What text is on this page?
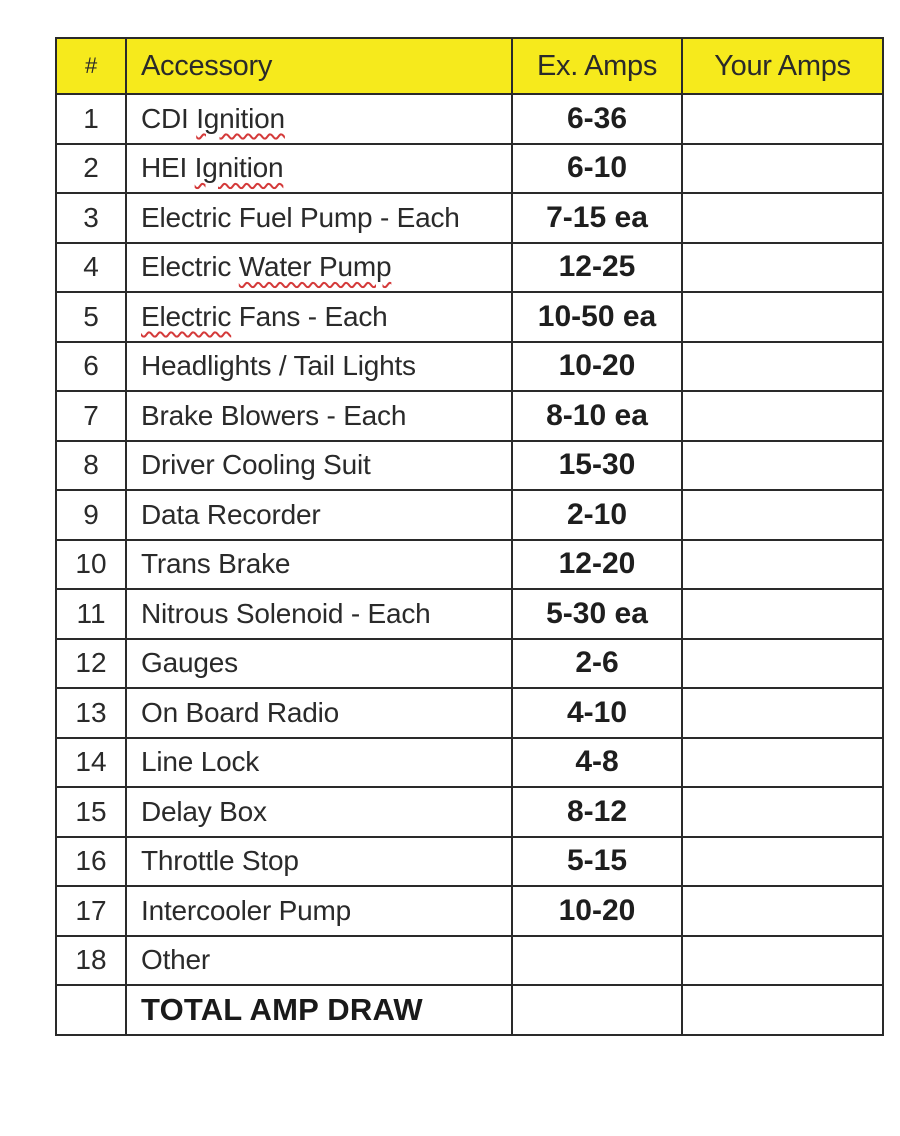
#	Accessory	Ex. Amps	Your Amps
1	CDI Ignition	6-36	
2	HEI Ignition	6-10	
3	Electric Fuel Pump - Each	7-15 ea	
4	Electric Water Pump	12-25	
5	Electric Fans - Each	10-50 ea	
6	Headlights / Tail Lights	10-20	
7	Brake Blowers - Each	8-10 ea	
8	Driver Cooling Suit	15-30	
9	Data Recorder	2-10	
10	Trans Brake	12-20	
11	Nitrous Solenoid - Each	5-30 ea	
12	Gauges	2-6	
13	On Board Radio	4-10	
14	Line Lock	4-8	
15	Delay Box	8-12	
16	Throttle Stop	5-15	
17	Intercooler Pump	10-20	
18	Other		
	TOTAL AMP DRAW		
